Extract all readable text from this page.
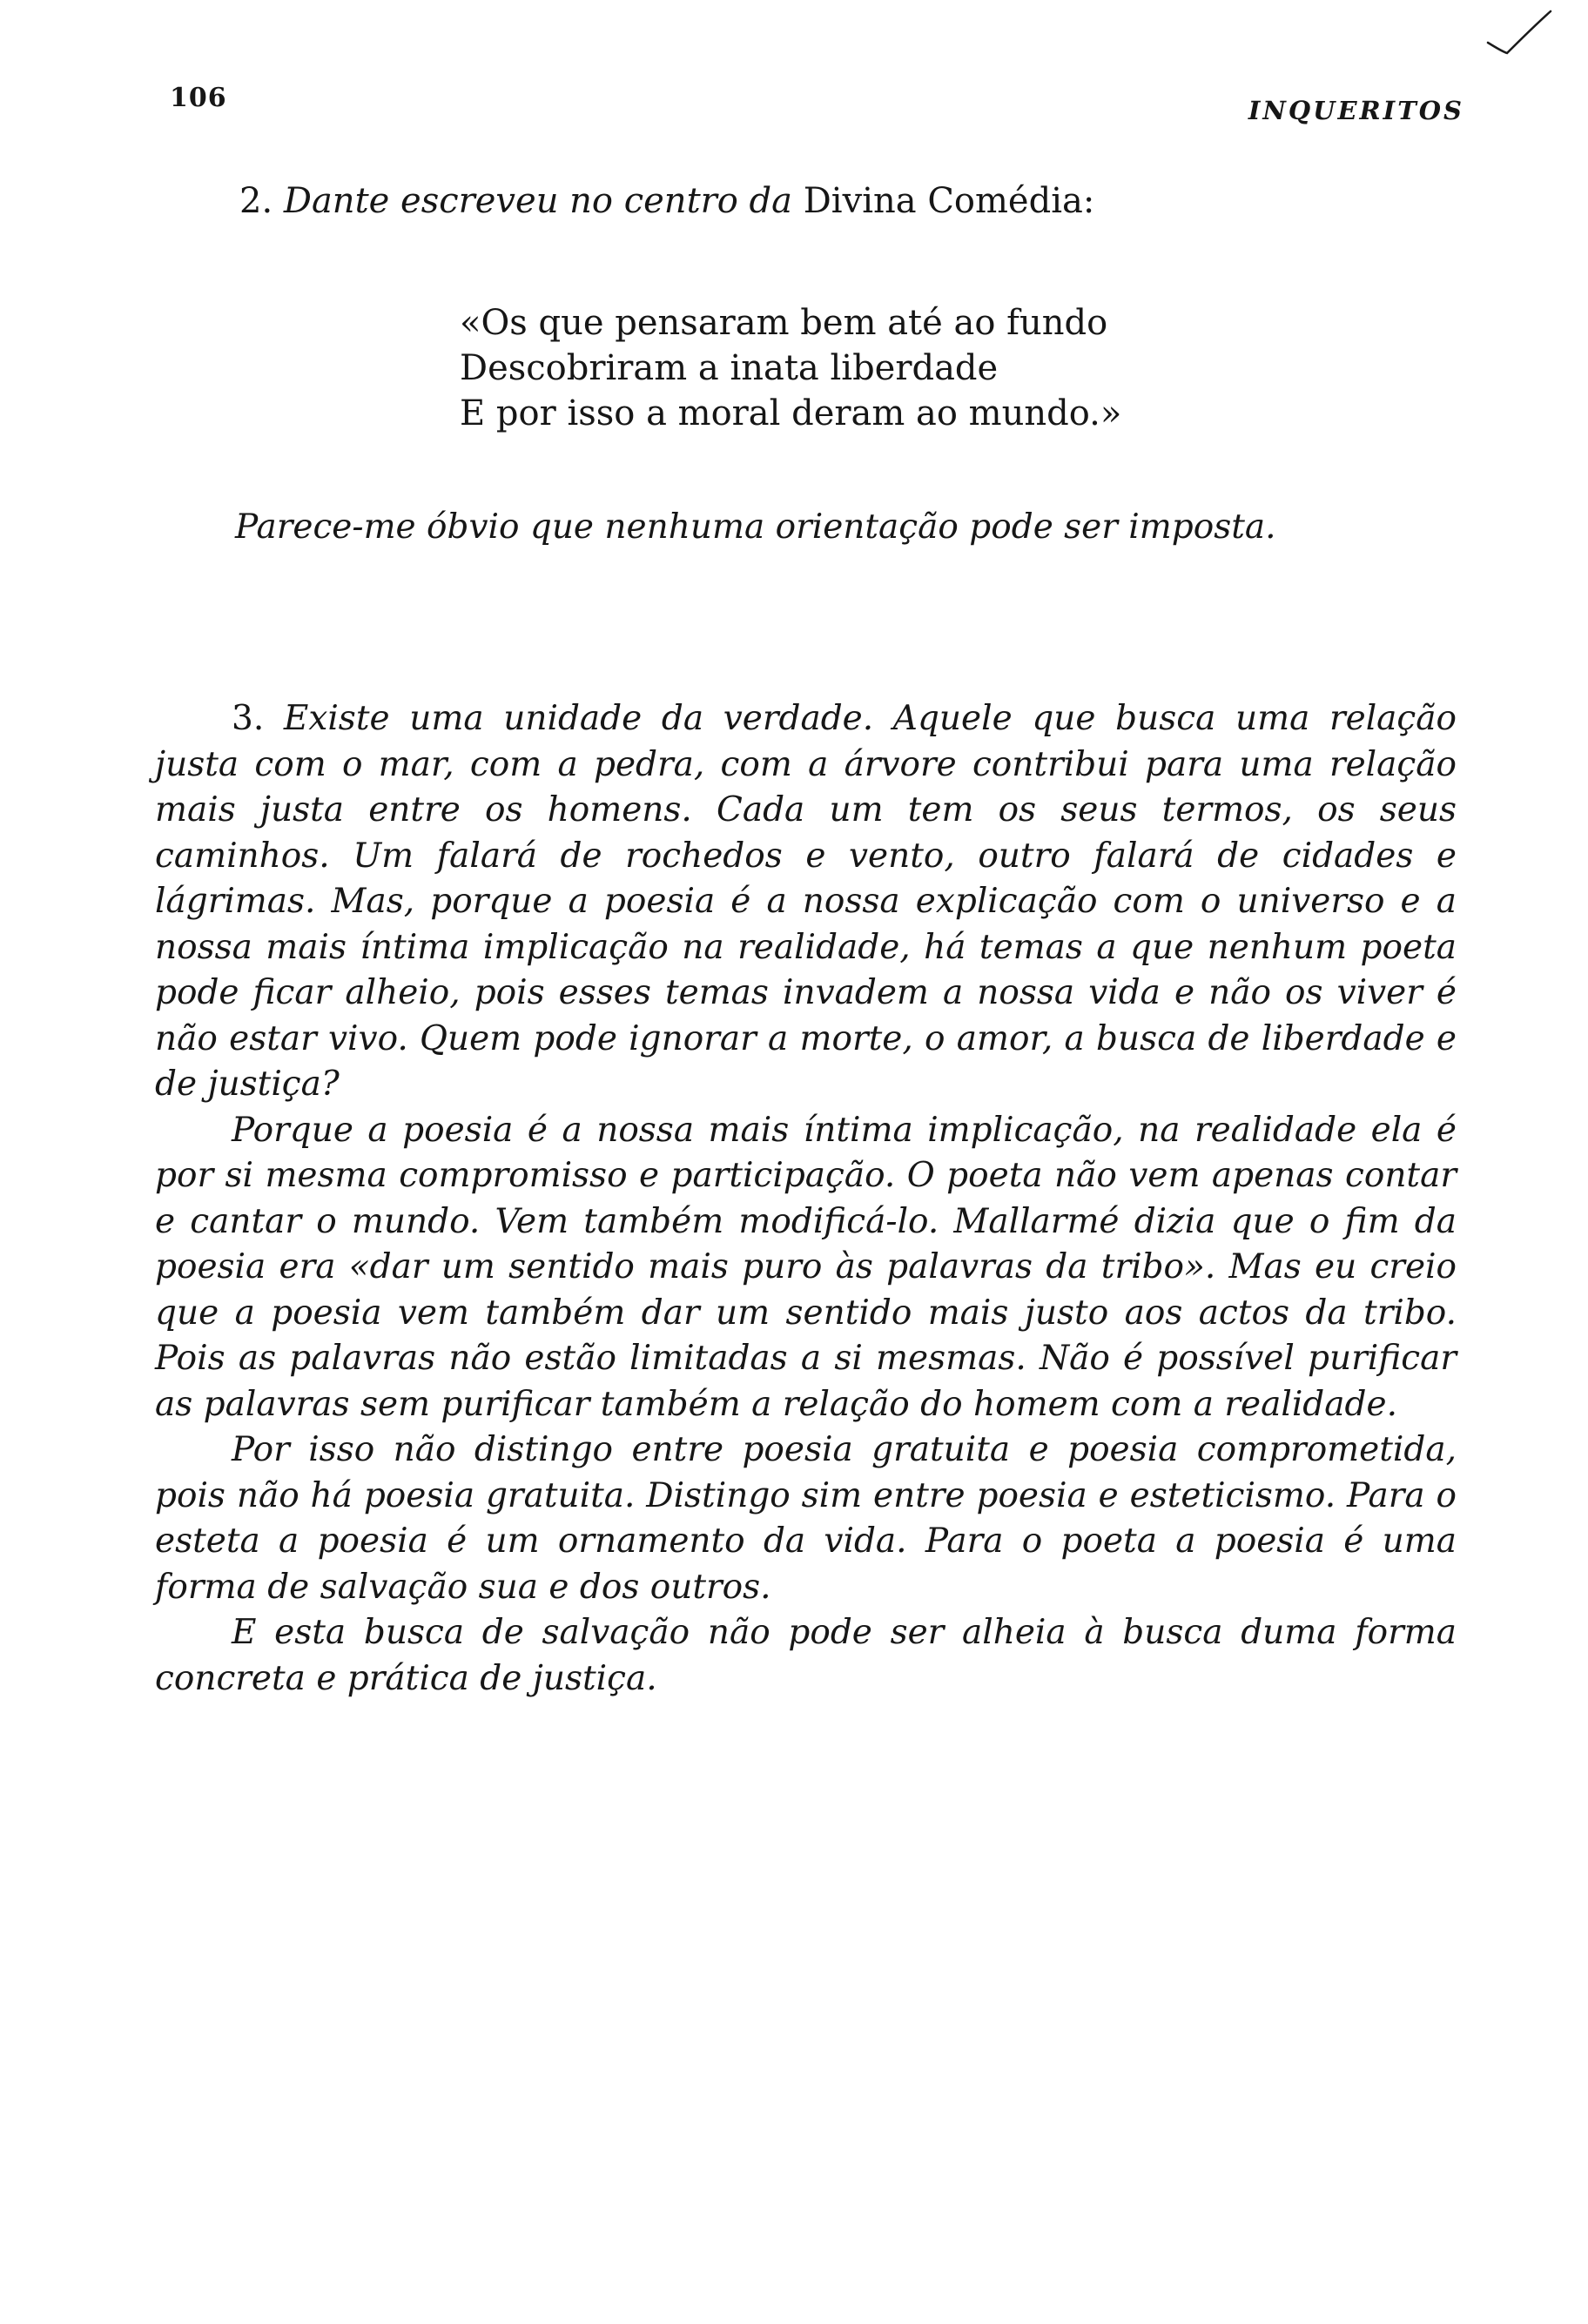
106	INQUERITOS
2. Dante escreveu no centro da Divina Comédia:
«Os que pensaram bem até ao fundo
Descobriram a inata liberdade
E por isso a moral deram ao mundo.»
Parece-me óbvio que nenhuma orientação pode ser imposta.

3. Existe uma unidade da verdade. Aquele que busca uma relação justa com o mar, com a pedra, com a árvore contribui para uma relação mais justa entre os homens. Cada um tem os seus termos, os seus caminhos. Um falará de rochedos e vento, outro falará de cidades e lágrimas. Mas, porque a poesia é a nossa explicação com o universo e a nossa mais íntima implicação na realidade, há temas a que nenhum poeta pode ficar alheio, pois esses temas invadem a nossa vida e não os viver é não estar vivo. Quem pode ignorar a morte, o amor, a busca de liberdade e de justiça?

Porque a poesia é a nossa mais íntima implicação, na realidade ela é por si mesma compromisso e participação. O poeta não vem apenas contar e cantar o mundo. Vem também modificá-lo. Mallarmé dizia que o fim da poesia era «dar um sentido mais puro às palavras da tribo». Mas eu creio que a poesia vem também dar um sentido mais justo aos actos da tribo. Pois as palavras não estão limitadas a si mesmas. Não é possível purificar as palavras sem purificar também a relação do homem com a realidade.

Por isso não distingo entre poesia gratuita e poesia comprometida, pois não há poesia gratuita. Distingo sim entre poesia e esteticismo. Para o esteta a poesia é um ornamento da vida. Para o poeta a poesia é uma forma de salvação sua e dos outros.

E esta busca de salvação não pode ser alheia à busca duma forma concreta e prática de justiça.
